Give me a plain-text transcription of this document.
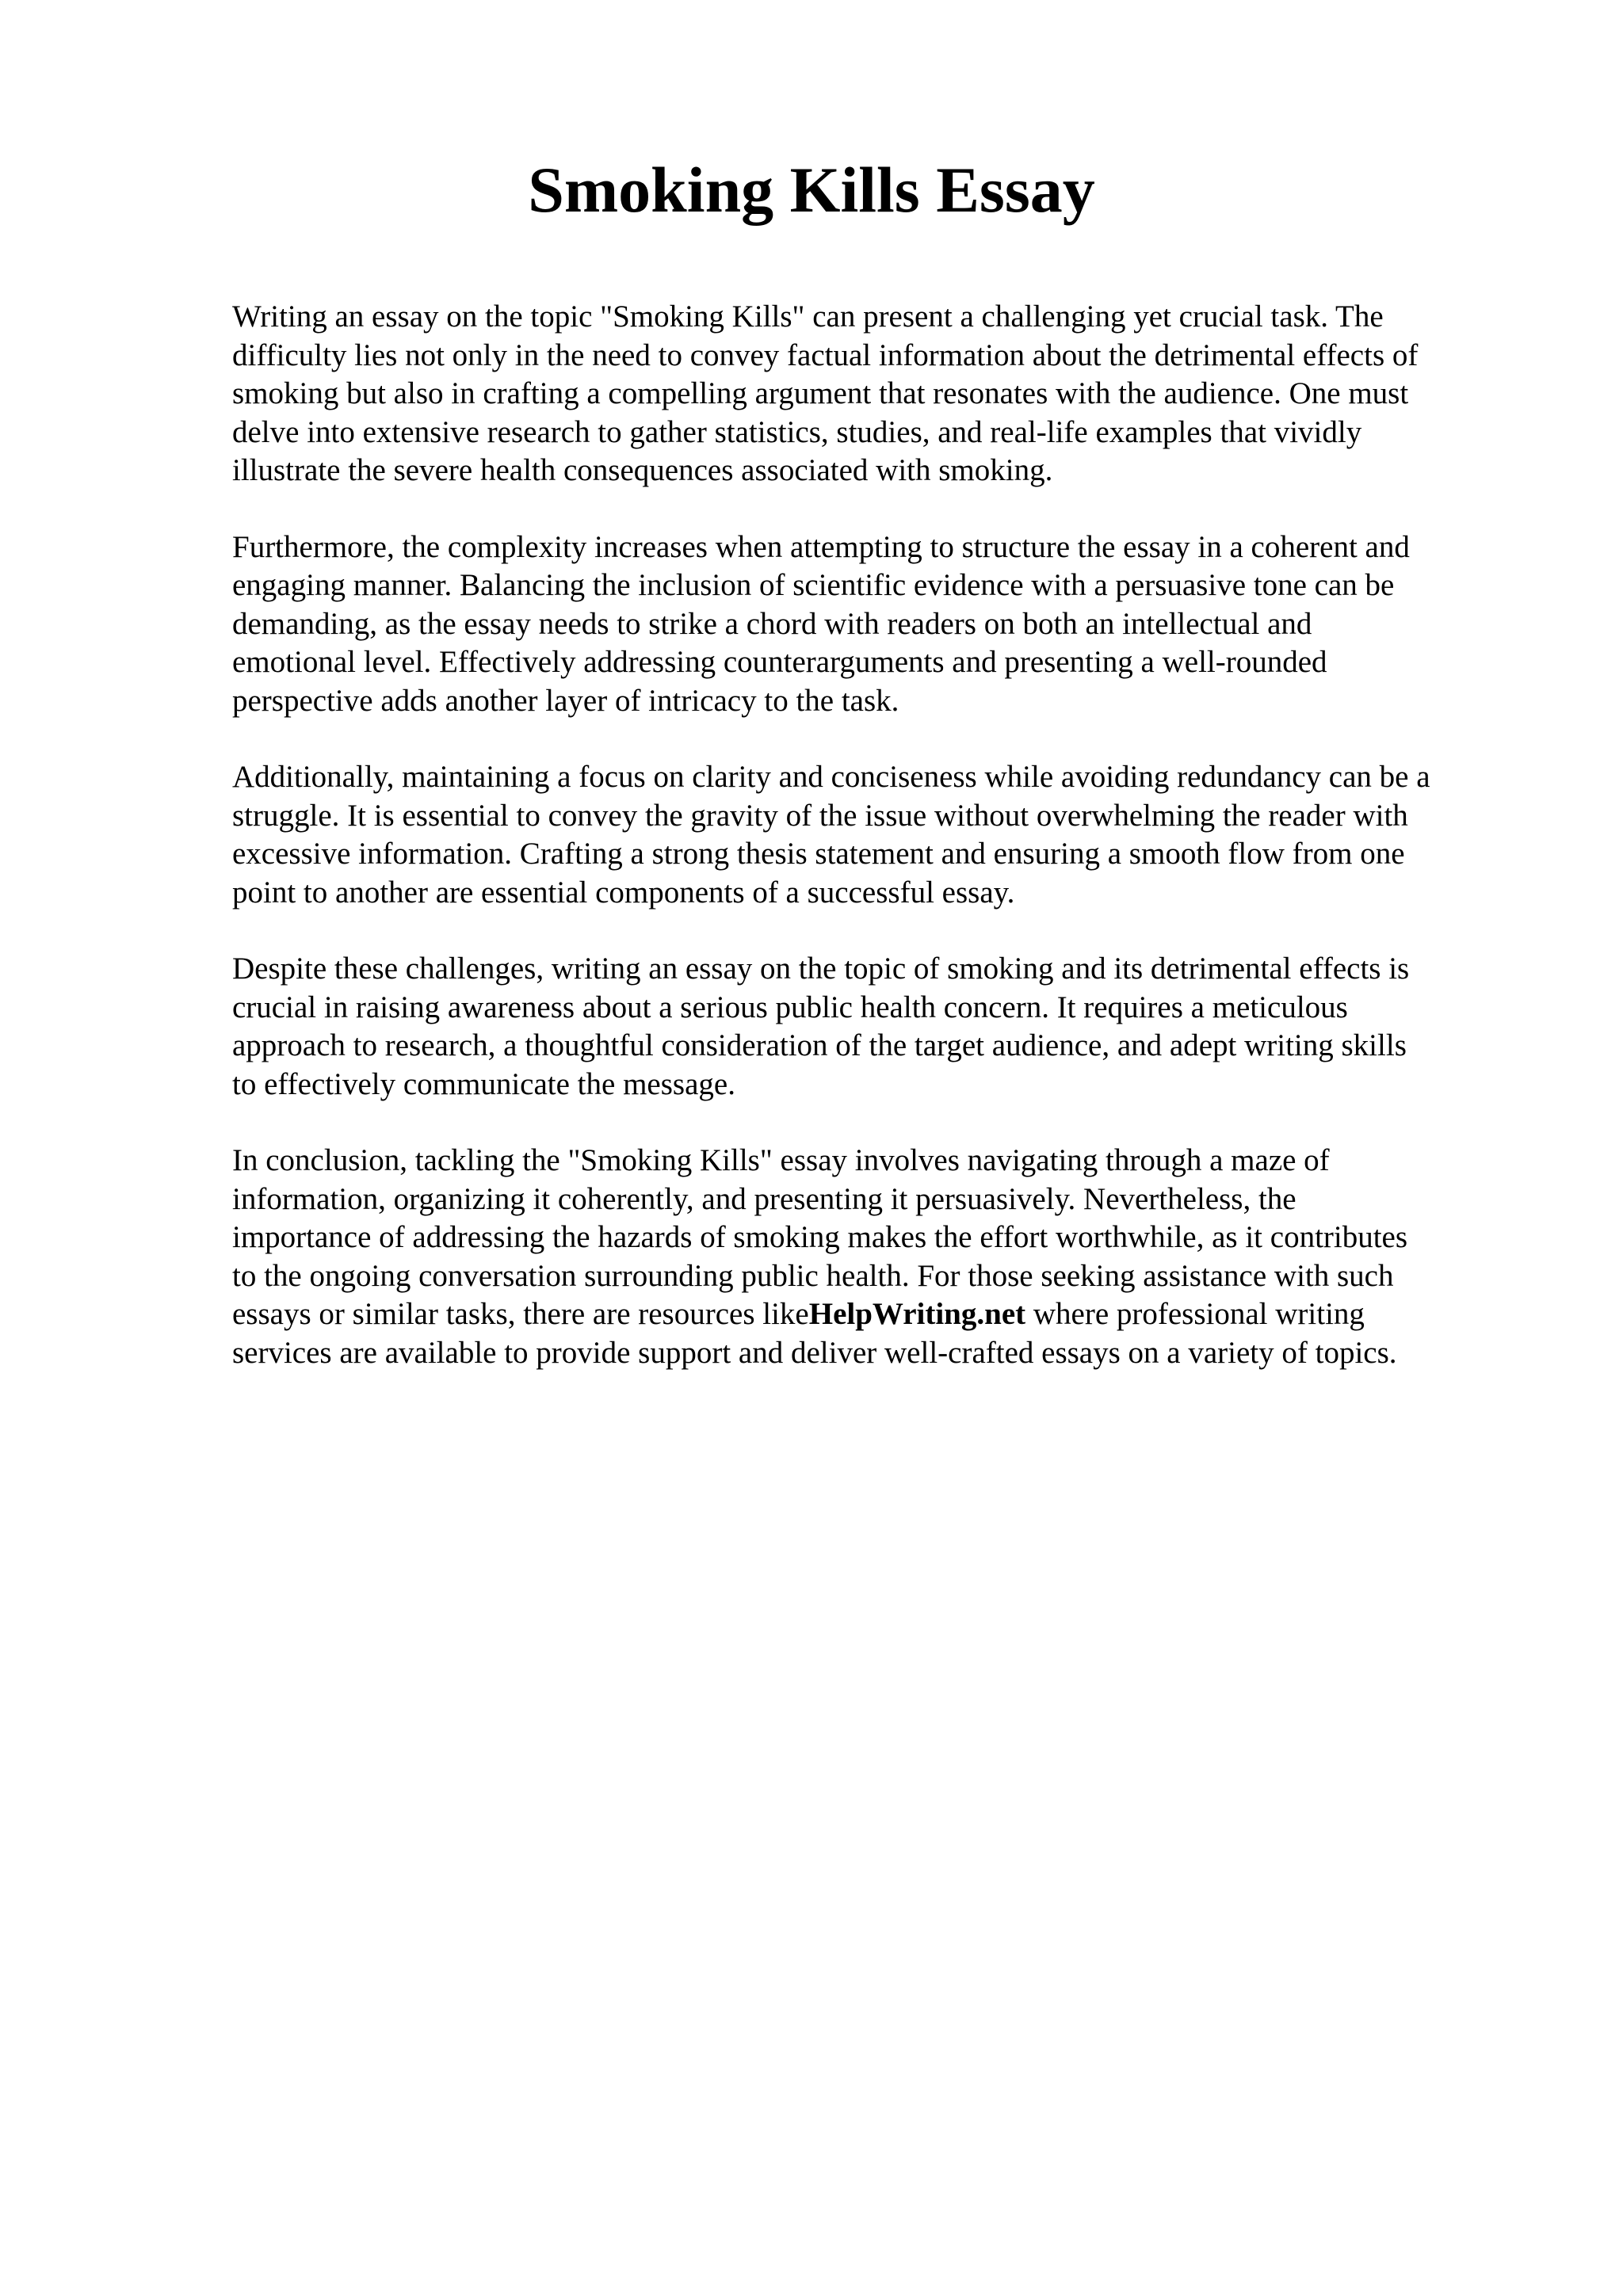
Smoking Kills Essay

Writing an essay on the topic "Smoking Kills" can present a challenging yet crucial task. The
difficulty lies not only in the need to convey factual information about the detrimental effects of
smoking but also in crafting a compelling argument that resonates with the audience. One must
delve into extensive research to gather statistics, studies, and real-life examples that vividly
illustrate the severe health consequences associated with smoking.

Furthermore, the complexity increases when attempting to structure the essay in a coherent and
engaging manner. Balancing the inclusion of scientific evidence with a persuasive tone can be
demanding, as the essay needs to strike a chord with readers on both an intellectual and
emotional level. Effectively addressing counterarguments and presenting a well-rounded
perspective adds another layer of intricacy to the task.

Additionally, maintaining a focus on clarity and conciseness while avoiding redundancy can be a
struggle. It is essential to convey the gravity of the issue without overwhelming the reader with
excessive information. Crafting a strong thesis statement and ensuring a smooth flow from one
point to another are essential components of a successful essay.

Despite these challenges, writing an essay on the topic of smoking and its detrimental effects is
crucial in raising awareness about a serious public health concern. It requires a meticulous
approach to research, a thoughtful consideration of the target audience, and adept writing skills
to effectively communicate the message.

In conclusion, tackling the "Smoking Kills" essay involves navigating through a maze of
information, organizing it coherently, and presenting it persuasively. Nevertheless, the
importance of addressing the hazards of smoking makes the effort worthwhile, as it contributes
to the ongoing conversation surrounding public health. For those seeking assistance with such
essays or similar tasks, there are resources likeHelpWriting.net where professional writing
services are available to provide support and deliver well-crafted essays on a variety of topics.
